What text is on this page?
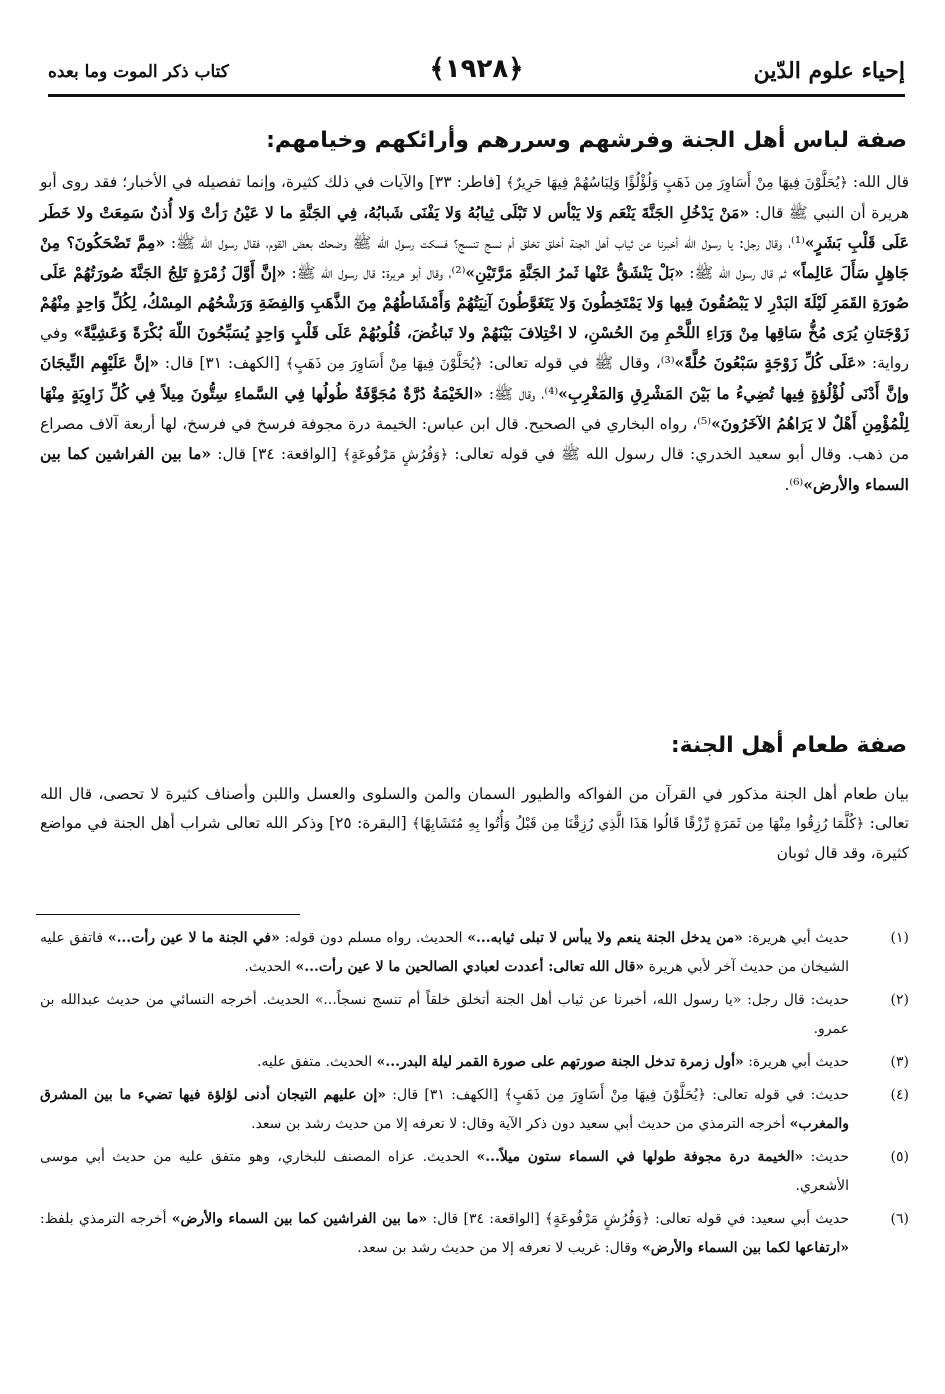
إحياء علوم الدّين
﴿١٩٢٨﴾
كتاب ذكر الموت وما بعده
صفة لباس أهل الجنة وفرشهم وسررهم وأرائكهم وخيامهم:

قال الله: ﴿يُحَلَّوْنَ فِيهَا مِنْ أَسَاوِرَ مِن ذَهَبٍ وَلُؤْلُؤًا وَلِبَاسُهُمْ فِيهَا حَرِيرٌ﴾ [فاطر: ٣٣] والآيات في ذلك كثيرة، وإنما تفصيله في الأخبار؛ فقد روى أبو هريرة أن النبي ﷺ قال: «مَنْ يَدْخُلِ الجَنَّةَ يَنْعَم وَلا يَبْأس لا تَبْلَى ثِيابُهُ وَلا يَفْنَى شَبابُهُ، فِي الجَنَّةِ ما لا عَيْنُ رَأتْ وَلا أُذنٌ سَمِعَتْ ولا خَطَر عَلَى قَلْبِ بَشَرٍ»⁽¹⁾، وقال رجل: يا رسول الله أخبرنا عن ثياب أهل الجنة أخلق تخلق أم نسج تنسج؟ فسكت رسول الله ﷺ وضحك بعض القوم، فقال رسول الله ﷺ: «مِمَّ تَضْحَكُونَ؟ مِنْ جَاهِلٍ سَأَلَ عَالِماً» ثم قال رسول الله ﷺ: «بَلْ يَنْشَقُّ عَنْها ثَمرُ الجَنَّةِ مَرَّتَيْنِ»⁽²⁾، وقال أبو هريرة: قال رسول الله ﷺ: «إنَّ أَوَّلَ زُمْرَةٍ تَلِجُ الجَنَّةَ صُورَتُهُمْ عَلَى صُورَةِ القَمَرِ لَيْلَةَ البَدْرِ لا يَبْصُقُونَ فِيها وَلا يَمْتَخِطُونَ وَلا يَتَغَوَّطُونَ آنِيَتُهُمْ وَأَمْشَاطُهُمْ مِنَ الذَّهَبِ وَالفِضَةِ وَرَشْحُهُم المِسْكُ، لِكُلِّ وَاحِدٍ مِنْهُمْ زَوْجَتانِ يُرَى مُخُّ سَاقِها مِنْ وَرَاءِ اللَّحْمِ مِنَ الحُسْنِ، لا اخْتِلافَ بَيْنَهُمْ ولا تَباغُضَ، قُلُوبُهُمْ عَلَى قَلْبٍ وَاحِدٍ يُسَبِّحُونَ اللّهَ بُكْرَةً وَعَشِيَّةً» وفي رواية: «عَلَى كُلِّ زَوْجَةٍ سَبْعُونَ حُلَّةً»⁽³⁾، وقال ﷺ في قوله تعالى: ﴿يُحَلَّوْنَ فِيهَا مِنْ أَسَاوِرَ مِن ذَهَبٍ﴾ [الكهف: ٣١] قال: «إنَّ عَلَيْهِم التِّيجَانَ وإنَّ أَدْنَى لُؤْلُؤةٍ فِيها تُضِيءُ ما بَيْنَ المَشْرِقِ وَالمَغْرِبِ»⁽⁴⁾، وقال ﷺ: «الخَيْمَةُ دُرَّةٌ مُجَوَّفَةٌ طُولُها فِي السَّماءِ سِتُّونَ مِيلاً فِي كُلِّ زَاوِيَةٍ مِنْهَا لِلْمُؤْمِنِ أَهْلٌ لا يَرَاهُمُ الآخَرُونَ»⁽⁵⁾، رواه البخاري في الصحيح. قال ابن عباس: الخيمة درة مجوفة فرسخ في فرسخ، لها أربعة آلاف مصراع من ذهب. وقال أبو سعيد الخدري: قال رسول الله ﷺ في قوله تعالى: ﴿وَفُرُشٍ مَرْفُوعَةٍ﴾ [الواقعة: ٣٤] قال: «ما بين الفراشين كما بين السماء والأرض»⁽⁶⁾.

صفة طعام أهل الجنة:

بيان طعام أهل الجنة مذكور في القرآن من الفواكه والطيور السمان والمن والسلوى والعسل واللبن وأصناف كثيرة لا تحصى، قال الله تعالى: ﴿كُلَّمَا رُزِقُوا مِنْهَا مِن ثَمَرَةٍ رِّزْقًا قَالُوا هَذَا الَّذِي رُزِقْنَا مِن قَبْلُ وَأُتُوا بِهِ مُتَشَابِهًا﴾ [البقرة: ٢٥] وذكر الله تعالى شراب أهل الجنة في مواضع كثيرة، وقد قال ثوبان

(١)
حديث أبي هريرة: «من يدخل الجنة ينعم ولا يبأس لا تبلى ثيابه...» الحديث. رواه مسلم دون قوله: «في الجنة ما لا عين رأت...» فاتفق عليه الشيخان من حديث آخر لأبي هريرة «قال الله تعالى: أعددت لعبادي الصالحين ما لا عين رأت...» الحديث.
(٢)
حديث: قال رجل: «يا رسول الله، أخبرنا عن ثياب أهل الجنة أتخلق خلقاً أم تنسج نسجاً...» الحديث. أخرجه النسائي من حديث عبدالله بن عمرو.
(٣)
حديث أبي هريرة: «أول زمرة تدخل الجنة صورتهم على صورة القمر ليلة البدر...» الحديث. متفق عليه.
(٤)
حديث: في قوله تعالى: ﴿يُحَلَّوْنَ فِيهَا مِنْ أَسَاوِرَ مِن ذَهَبٍ﴾ [الكهف: ٣١] قال: «إن عليهم التيجان أدنى لؤلؤة فيها تضيء ما بين المشرق والمغرب» أخرجه الترمذي من حديث أبي سعيد دون ذكر الآية وقال: لا نعرفه إلا من حديث رشد بن سعد.
(٥)
حديث: «الخيمة درة مجوفة طولها في السماء ستون ميلاً...» الحديث. عزاه المصنف للبخاري، وهو متفق عليه من حديث أبي موسى الأشعري.
(٦)
حديث أبي سعيد: في قوله تعالى: ﴿وَفُرُشٍ مَرْفُوعَةٍ﴾ [الواقعة: ٣٤] قال: «ما بين الفراشين كما بين السماء والأرض» أخرجه الترمذي بلفظ: «ارتفاعها لكما بين السماء والأرض» وقال: غريب لا نعرفه إلا من حديث رشد بن سعد.
